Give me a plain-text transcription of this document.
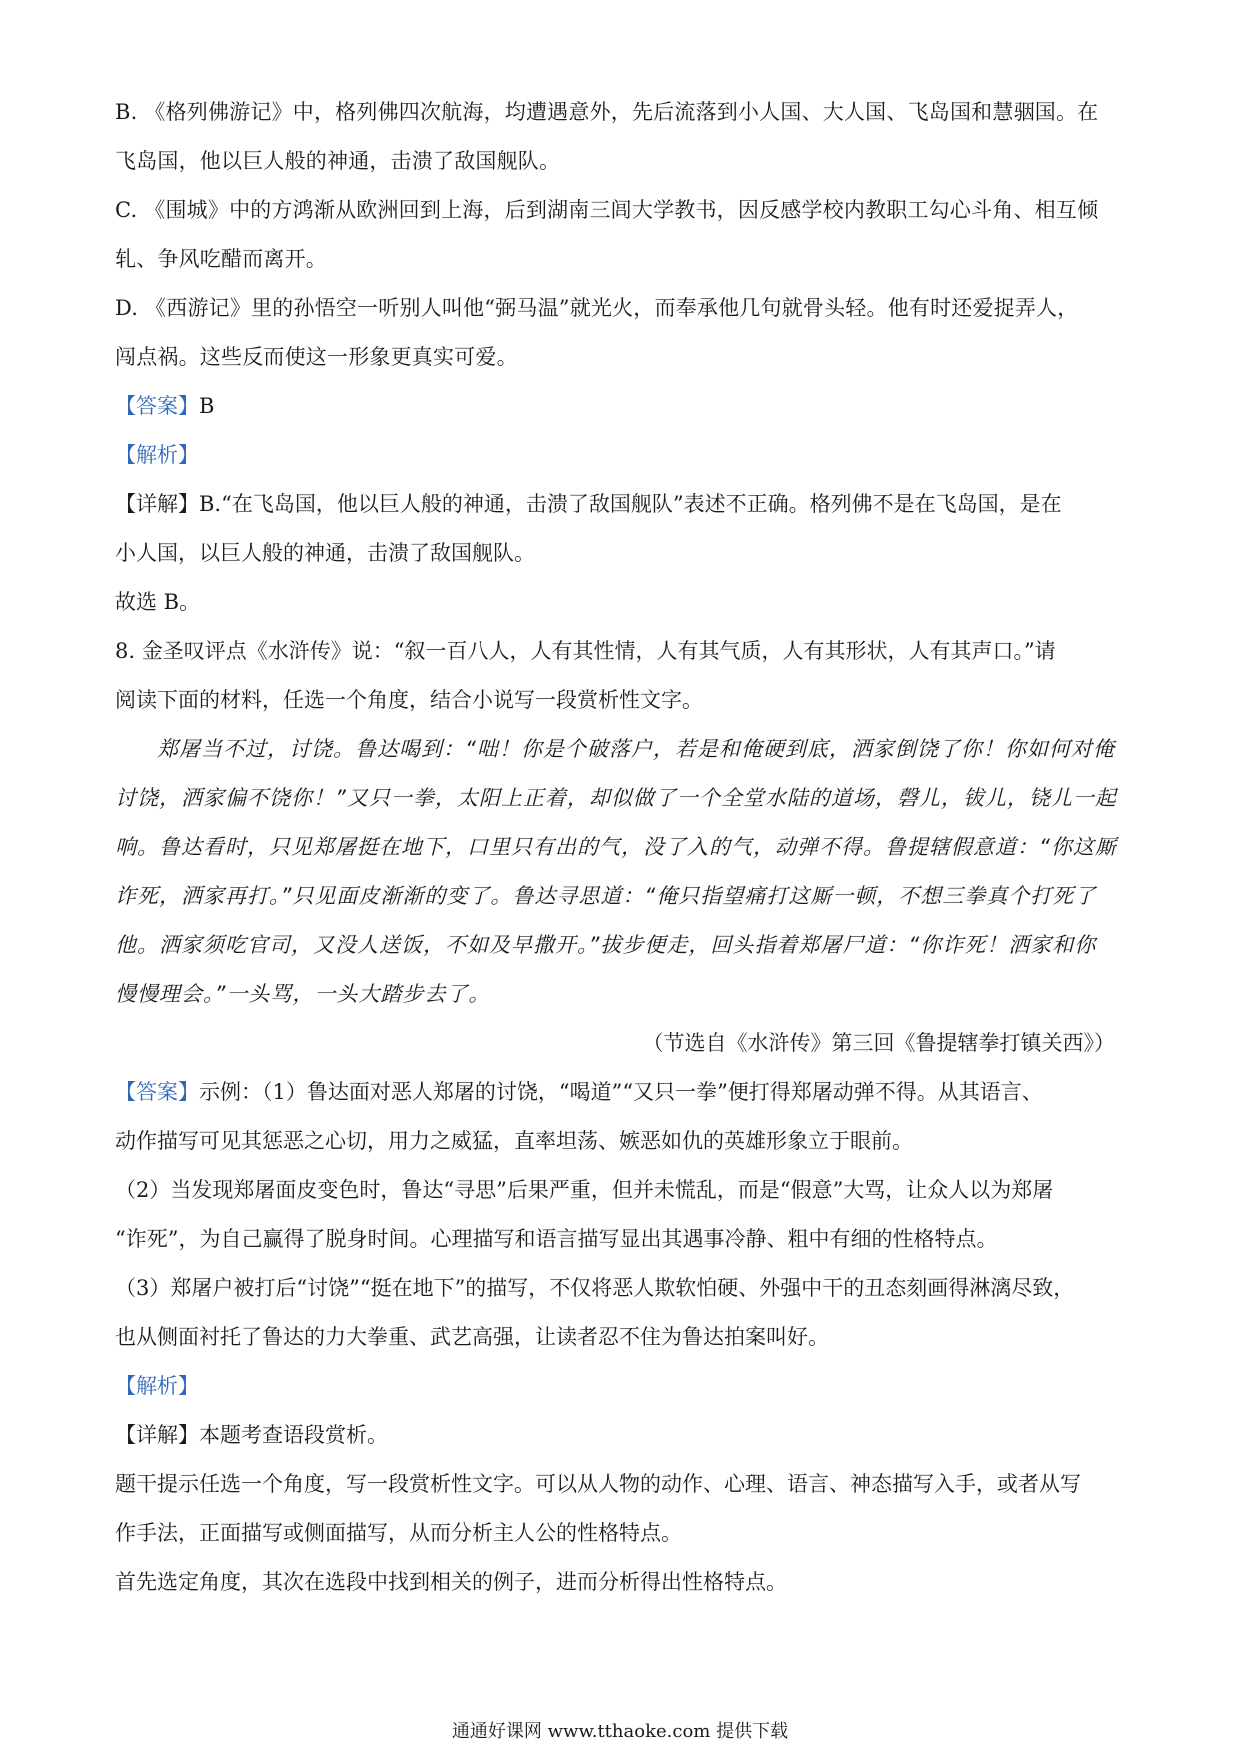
B. 《格列佛游记》中，格列佛四次航海，均遭遇意外，先后流落到小人国、大人国、飞岛国和慧骃国。在

飞岛国，他以巨人般的神通，击溃了敌国舰队。

C. 《围城》中的方鸿渐从欧洲回到上海，后到湖南三闾大学教书，因反感学校内教职工勾心斗角、相互倾

轧、争风吃醋而离开。

D. 《西游记》里的孙悟空一听别人叫他“弼马温”就光火，而奉承他几句就骨头轻。他有时还爱捉弄人，

闯点祸。这些反而使这一形象更真实可爱。

【答案】B

【解析】

【详解】B.“在飞岛国，他以巨人般的神通，击溃了敌国舰队”表述不正确。格列佛不是在飞岛国，是在

小人国，以巨人般的神通，击溃了敌国舰队。

故选 B。

8. 金圣叹评点《水浒传》说：“叙一百八人，人有其性情，人有其气质，人有其形状，人有其声口。”请

阅读下面的材料，任选一个角度，结合小说写一段赏析性文字。

郑屠当不过，讨饶。鲁达喝到：“咄！你是个破落户，若是和俺硬到底，洒家倒饶了你！你如何对俺

讨饶，洒家偏不饶你！”又只一拳，太阳上正着，却似做了一个全堂水陆的道场，磬儿，钹儿，铙儿一起

响。鲁达看时，只见郑屠挺在地下，口里只有出的气，没了入的气，动弹不得。鲁提辖假意道：“你这厮

诈死，洒家再打。”只见面皮渐渐的变了。鲁达寻思道：“俺只指望痛打这厮一顿，不想三拳真个打死了

他。洒家须吃官司，又没人送饭，不如及早撒开。”拔步便走，回头指着郑屠尸道：“你诈死！洒家和你

慢慢理会。”一头骂，一头大踏步去了。

（节选自《水浒传》第三回《鲁提辖拳打镇关西》）

【答案】示例：（1）鲁达面对恶人郑屠的讨饶，“喝道”“又只一拳”便打得郑屠动弹不得。从其语言、

动作描写可见其惩恶之心切，用力之威猛，直率坦荡、嫉恶如仇的英雄形象立于眼前。

（2）当发现郑屠面皮变色时，鲁达“寻思”后果严重，但并未慌乱，而是“假意”大骂，让众人以为郑屠

“诈死”，为自己赢得了脱身时间。心理描写和语言描写显出其遇事冷静、粗中有细的性格特点。

（3）郑屠户被打后“讨饶”“挺在地下”的描写，不仅将恶人欺软怕硬、外强中干的丑态刻画得淋漓尽致，

也从侧面衬托了鲁达的力大拳重、武艺高强，让读者忍不住为鲁达拍案叫好。

【解析】

【详解】本题考查语段赏析。

题干提示任选一个角度，写一段赏析性文字。可以从人物的动作、心理、语言、神态描写入手，或者从写

作手法，正面描写或侧面描写，从而分析主人公的性格特点。

首先选定角度，其次在选段中找到相关的例子，进而分析得出性格特点。

通通好课网 www.tthaoke.com 提供下载
